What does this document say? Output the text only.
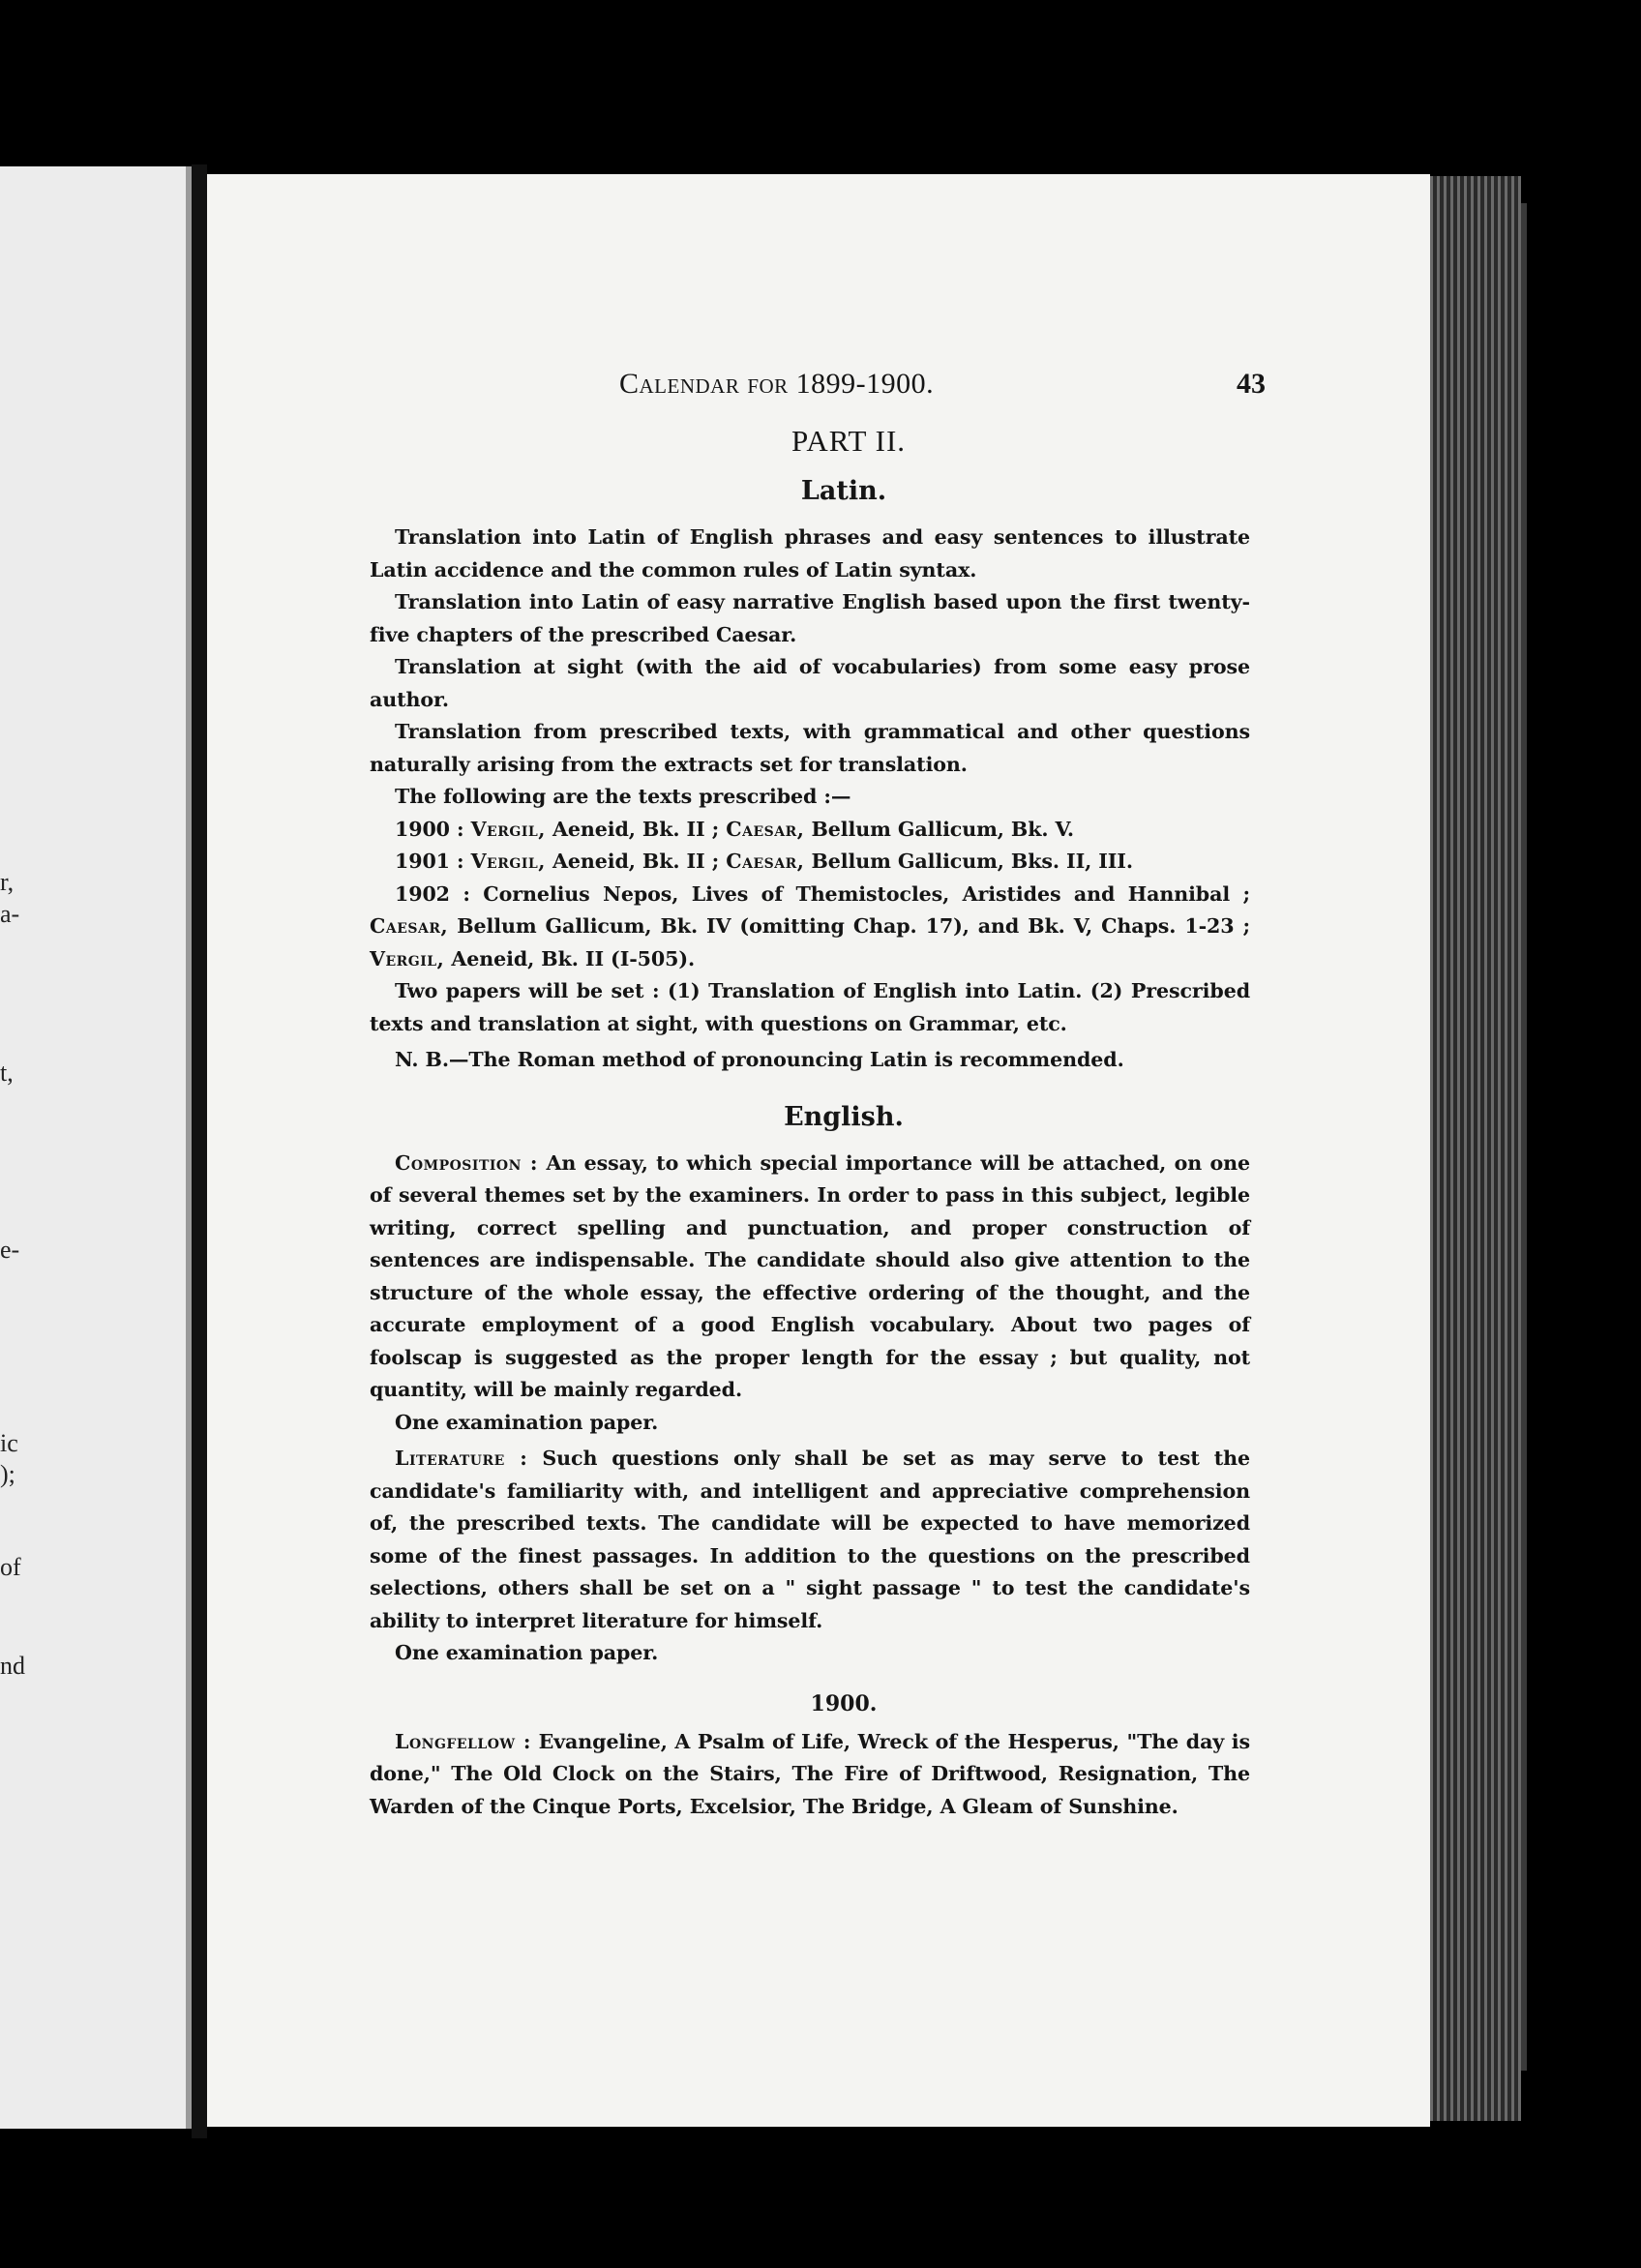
r,
a-
t,
e-
ic
);
of
nd
Calendar for 1899-1900.	43
PART II.
Latin.

Translation into Latin of English phrases and easy sentences to illustrate Latin accidence and the common rules of Latin syntax.

Translation into Latin of easy narrative English based upon the first twenty-five chapters of the prescribed Caesar.

Translation at sight (with the aid of vocabularies) from some easy prose author.

Translation from prescribed texts, with grammatical and other questions naturally arising from the extracts set for translation.

The following are the texts prescribed :—

1900 : Vergil, Aeneid, Bk. II ; Caesar, Bellum Gallicum, Bk. V.

1901 : Vergil, Aeneid, Bk. II ; Caesar, Bellum Gallicum, Bks. II, III.

1902 : Cornelius Nepos, Lives of Themistocles, Aristides and Hannibal ; Caesar, Bellum Gallicum, Bk. IV (omitting Chap. 17), and Bk. V, Chaps. 1-23 ; Vergil, Aeneid, Bk. II (I-505).

Two papers will be set : (1) Translation of English into Latin. (2) Prescribed texts and translation at sight, with questions on Grammar, etc.

N. B.—The Roman method of pronouncing Latin is recommended.

English.

Composition : An essay, to which special importance will be attached, on one of several themes set by the examiners. In order to pass in this subject, legible writing, correct spelling and punctuation, and proper construction of sentences are indispensable. The candidate should also give attention to the structure of the whole essay, the effective ordering of the thought, and the accurate employment of a good English vocabulary. About two pages of foolscap is suggested as the proper length for the essay ; but quality, not quantity, will be mainly regarded.

One examination paper.

Literature : Such questions only shall be set as may serve to test the candidate's familiarity with, and intelligent and appreciative comprehension of, the prescribed texts. The candidate will be expected to have memorized some of the finest passages. In addition to the questions on the prescribed selections, others shall be set on a " sight passage " to test the candidate's ability to interpret literature for himself.

One examination paper.

1900.

Longfellow : Evangeline, A Psalm of Life, Wreck of the Hesperus, "The day is done," The Old Clock on the Stairs, The Fire of Driftwood, Resignation, The Warden of the Cinque Ports, Excelsior, The Bridge, A Gleam of Sunshine.
